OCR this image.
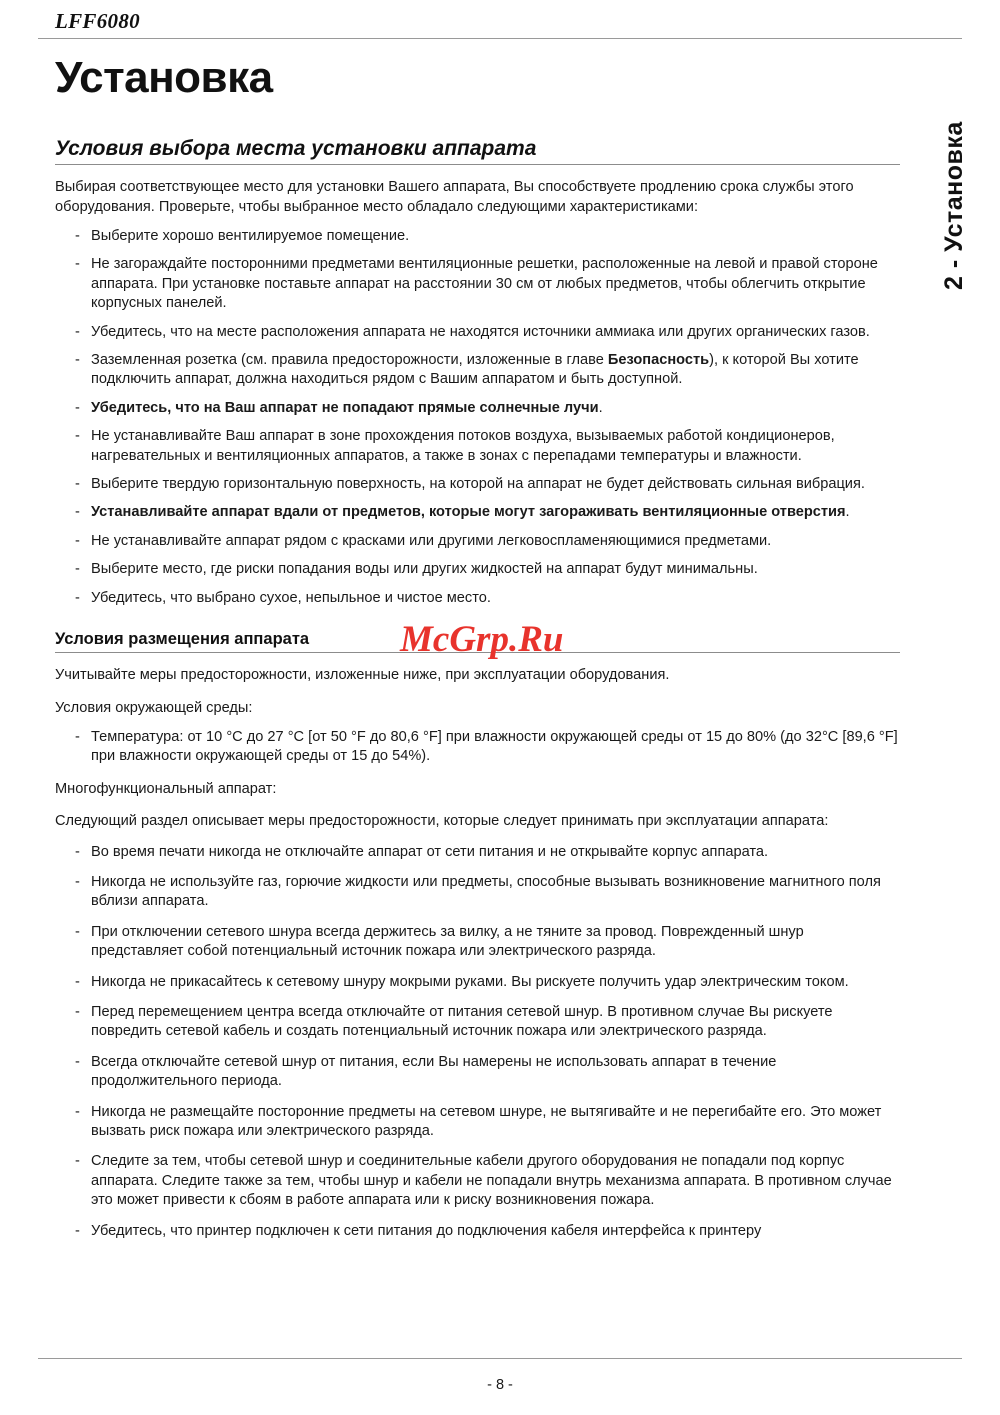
LFF6080
2 - Установка
Установка
Условия выбора места установки аппарата

Выбирая соответствующее место для установки Вашего аппарата, Вы способствуете продлению срока службы этого оборудования. Проверьте, чтобы выбранное место обладало следующими характеристиками:

- Выберите хорошо вентилируемое помещение.
- Не загораждайте посторонними предметами вентиляционные решетки, расположенные на левой и правой стороне аппарата. При установке поставьте аппарат на расстоянии 30 см от любых предметов, чтобы облегчить открытие корпусных панелей.
- Убедитесь, что на месте расположения аппарата не находятся источники аммиака или других органических газов.
- Заземленная розетка (см. правила предосторожности, изложенные в главе Безопасность), к которой Вы хотите подключить аппарат, должна находиться рядом с Вашим аппаратом и быть доступной.
- Убедитесь, что на Ваш аппарат не попадают прямые солнечные лучи.
- Не устанавливайте Ваш аппарат в зоне прохождения потоков воздуха, вызываемых работой кондиционеров, нагревательных и вентиляционных аппаратов, а также в зонах с перепадами температуры и влажности.
- Выберите твердую горизонтальную поверхность, на которой на аппарат не будет действовать сильная вибрация.
- Устанавливайте аппарат вдали от предметов, которые могут загораживать вентиляционные отверстия.
- Не устанавливайте аппарат рядом с красками или другими легковоспламеняющимися предметами.
- Выберите место, где риски попадания воды или других жидкостей на аппарат будут минимальны.
- Убедитесь, что выбрано сухое, непыльное и чистое место.
Условия размещения аппарата	McGrp.Ru

Учитывайте меры предосторожности, изложенные ниже, при эксплуатации оборудования.

Условия окружающей среды:

- Температура: от 10 °C до 27 °C [от 50 °F до 80,6 °F] при влажности окружающей среды от 15 до 80% (до 32°C [89,6 °F] при влажности окружающей среды от 15 до 54%).

Многофункциональный аппарат:

Следующий раздел описывает меры предосторожности, которые следует принимать при эксплуатации аппарата:

- Во время печати никогда не отключайте аппарат от сети питания и не открывайте корпус аппарата.
- Никогда не используйте газ, горючие жидкости или предметы, способные вызывать возникновение магнитного поля вблизи аппарата.
- При отключении сетевого шнура всегда держитесь за вилку, а не тяните за провод. Поврежденный шнур представляет собой потенциальный источник пожара или электрического разряда.
- Никогда не прикасайтесь к сетевому шнуру мокрыми руками. Вы рискуете получить удар электрическим током.
- Перед перемещением центра всегда отключайте от питания сетевой шнур. В противном случае Вы рискуете повредить сетевой кабель и создать потенциальный источник пожара или электрического разряда.
- Всегда отключайте сетевой шнур от питания, если Вы намерены не использовать аппарат в течение продолжительного периода.
- Никогда не размещайте посторонние предметы на сетевом шнуре, не вытягивайте и не перегибайте его. Это может вызвать риск пожара или электрического разряда.
- Следите за тем, чтобы сетевой шнур и соединительные кабели другого оборудования не попадали под корпус аппарата. Следите также за тем, чтобы шнур и кабели не попадали внутрь механизма аппарата. В противном случае это может привести к сбоям в работе аппарата или к риску возникновения пожара.
- Убедитесь, что принтер подключен к сети питания до подключения кабеля интерфейса к принтеру
- 8 -
